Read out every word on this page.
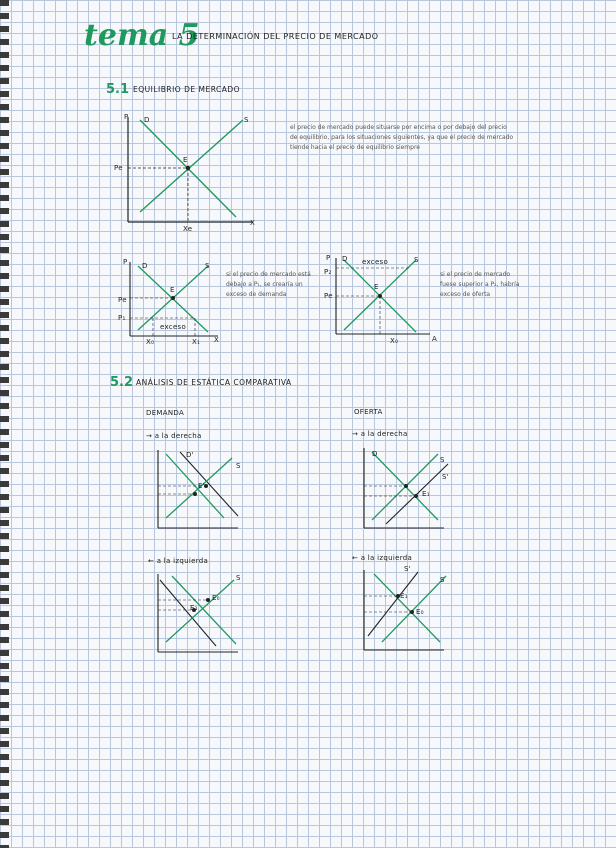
tema 5
LA DETERMINACIÓN DEL PRECIO DE MERCADO
5.1 EQUILIBRIO DE MERCADO
P D	S
E
Pe
Xe
X
el precio de mercado puede situarse por encima o por debajo del precio de equilibrio, para los situaciones siguientes, ya que el precio de mercado tiende hacia el precio de equilibrio siempre
P D	S
E
Pe
P₁
exceso
X₀	X₁ X
si el precio de mercado está debajo a P₁, se crearía un exceso de demanda
P D exceso	S
E
P₂
Pe
X₀	A
si el precio de mercado fuese superior a P₂, habría exceso de oferta
5.2 ANÁLISIS DE ESTÁTICA COMPARATIVA
DEMANDA	OFERTA
→ a la derecha	→ a la derecha
D'
S
E'
D
S
S'
E₁
← a la izquierda	← a la izquierda
S
E₀
E₁
S'
S
E₁
E₀
